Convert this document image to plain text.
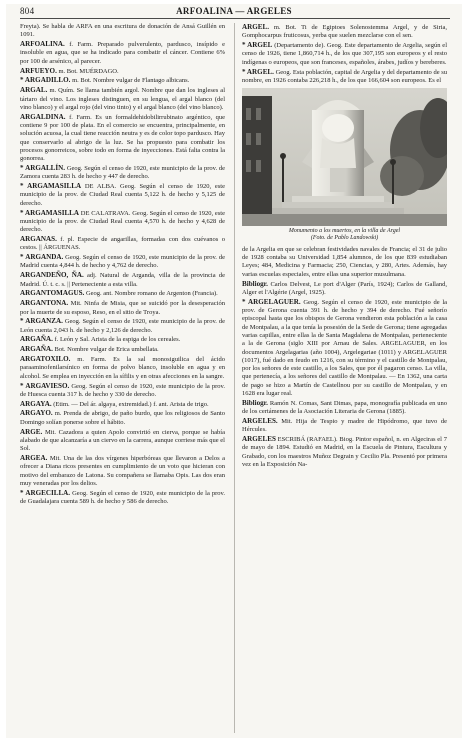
804	ARFOALINA — ARGELES

Freyta). Se habla de ARFA en una escritura de donación de Ansá Guillén en 1091.

ARFOALINA. f. Farm. Preparado pulverulento, pardusco, insípido e insoluble en agua, que se ha indicado para combatir el cáncer. Contiene 6% por 100 de arsénico, al parecer.

ARFUEYO. m. Bot. MUÉRDAGO.

* ARGADILLO. m. Bot. Nombre vulgar de Flantago albicans.

ARGAL. m. Quím. Se llama también argol. Nombre que dan los ingleses al tártaro del vino. Los ingleses distinguen, en su lengua, el argal blanco (del vino blanco) y el argal rojo (del vino tinto) y el argal blanco (del vino blanco).

ARGALDINA. f. Farm. Es un formaldehidobilirrubinato argéntico, que contiene 9 por 100 de plata. En el comercio se encuentra, principalmente, en solución acuosa, la cual tiene reacción neutra y es de color topo pardusco. Hay que conservarlo al abrigo de la luz. Se ha propuesto para combatir los procesos gonorreicos, sobre todo en forma de inyecciones. Está falta contra la gonorrea.

* ARGALLÍN. Geog. Según el censo de 1920, este municipio de la prov. de Zamora cuenta 283 h. de hecho y 447 de derecho.

* ARGAMASILLA DE ALBA. Geog. Según el censo de 1920, este municipio de la prov. de Ciudad Real cuenta 5,122 h. de hecho y 5,125 de derecho.

* ARGAMASILLA DE CALATRAVA. Geog. Según el censo de 1920, este municipio de la prov. de Ciudad Real cuenta 4,570 h. de hecho y 4,628 de derecho.

ARGANAS. f. pl. Especie de angarillas, formadas con dos cuévanos o cestos. || ÁRGUENAS.

* ARGANDA. Geog. Según el censo de 1920, este municipio de la prov. de Madrid cuenta 4,844 h. de hecho y 4,762 de derecho.

ARGANDEÑO, ÑA. adj. Natural de Arganda, villa de la provincia de Madrid. Ú. t. c. s. || Perteneciente a esta villa.

ARGANTOMAGUS. Geog. ant. Nombre romano de Argenton (Francia).

ARGANTONA. Mit. Ninfa de Misia, que se suicidó por la desesperación por la muerte de su esposo, Reso, en el sitio de Troya.

* ARGANZA. Geog. Según el censo de 1920, este municipio de la prov. de León cuenta 2,043 h. de hecho y 2,126 de derecho.

ARGAÑA. f. León y Sal. Arista de la espiga de los cereales.

ARGAÑA. Bot. Nombre vulgar de Erica umbellata.

ARGATOXILO. m. Farm. Es la sal monosiguilica del ácido paraaminofenilarsínico en forma de polvo blanco, insoluble en agua y en alcohol. Se emplea en inyección en la sífilis y en otras afecciones en la sangre.

* ARGAVIESO. Geog. Según el censo de 1920, este municipio de la prov. de Huesca cuenta 317 h. de hecho y 330 de derecho.

ARGAYA. (Etim. — Del ár. algaya, extremidad.) f. ant. Arista de trigo.

ARGAYO. m. Prenda de abrigo, de paño burdo, que los religiosos de Santo Domingo solían ponerse sobre el hábito.

ARGE. Mit. Cazadora a quien Apolo convirtió en cierva, porque se había alabado de que alcanzaría a un ciervo en la carrera, aunque corriese más que el Sol.

ARGEA. Mit. Una de las dos vírgenes hiperbóreas que llevaron a Delos a ofrecer a Diana ricos presentes en cumplimiento de un voto que hicieran con motivo del embarazo de Latona. Su compañera se llamaba Opis. Las dos eran muy veneradas por los delios.

* ARGECILLA. Geog. Según el censo de 1920, este municipio de la prov. de Guadalajara cuenta 589 h. de hecho y 586 de derecho.

ARGEL. m. Bot. Ti de Egiptoes Solenostemma Argel, y de Siria, Gomphocarpus fruticosus, yerba que suelen mezclarse con el sen.

* ARGEL (Departamento de). Geog. Este departamento de Argelia, según el censo de 1926, tiene 1,860,714 h., de los que 307,195 son europeos y el resto indígenas o europeos, que son franceses, españoles, árabes, judíos y bereberes.

* ARGEL. Geog. Esta población, capital de Argelia y del departamento de su nombre, en 1926 contaba 226,218 h., de los que 166,604 son europeos. Es el

Monumento a los muertos, en la villa de Argel
(Foto. de Pablo Landowski)

de la Argelia en que se celebran festividades navales de Francia; el 31 de julio de 1928 contaba su Universidad 1,854 alumnos, de los que 839 estudiaban Leyes; 484, Medicina y Farmacia; 250, Ciencias, y 280, Artes. Además, hay varias escuelas especiales, entre ellas una superior musulmana.

Bibliogr. Carlos Delvest, Le port d'Alger (París, 1924); Carlos de Galland, Alger et l'Algérie (Argel, 1925).

* ARGELAGUER. Geog. Según el censo de 1920, este municipio de la prov. de Gerona cuenta 391 h. de hecho y 394 de derecho. Fué señorío episcopal hasta que los obispos de Gerona vendieron esta población a la casa de Montpalau, a la que tenía la posesión de la Sede de Gerona; tiene agregadas varias capillas, entre ellas la de Santa Magdalena de Montpalau, perteneciente a la de Gerona (siglo XIII por Arnau de Sales. ARGELAGUER, en los documentos Argelagarias (año 1004), Argelegariae (1011) y ARGELAGUER (1017), fué dado en feudo en 1216, con su término y el castillo de Montpalau, por los señores de este castillo, a los Sales, que por él pagaron censo. La villa, que pertenecía, a los señores del castillo de Montpalau. — En 1362, una carta de pago se hizo a Martín de Castellnou por su castillo de Montpalau, y en 1628 era lugar real.

Bibliogr. Ramón N. Comas, Sant Dimas, papa, monografía publicada en uno de los certámenes de la Asociación Literaria de Gerona (1885).

ARGELES. Mit. Hija de Tespio y madre de Hipódromo, que tuvo de Hércules.

ARGELES ESCRIBÁ (RAFAEL). Biog. Pintor español, n. en Algeciras el 7 de mayo de 1894. Estudió en Madrid, en la Escuela de Pintura, Escultura y Grabado, con los maestros Muñoz Degrain y Cecilio Pla. Presentó por primera vez en la Exposición Na-
